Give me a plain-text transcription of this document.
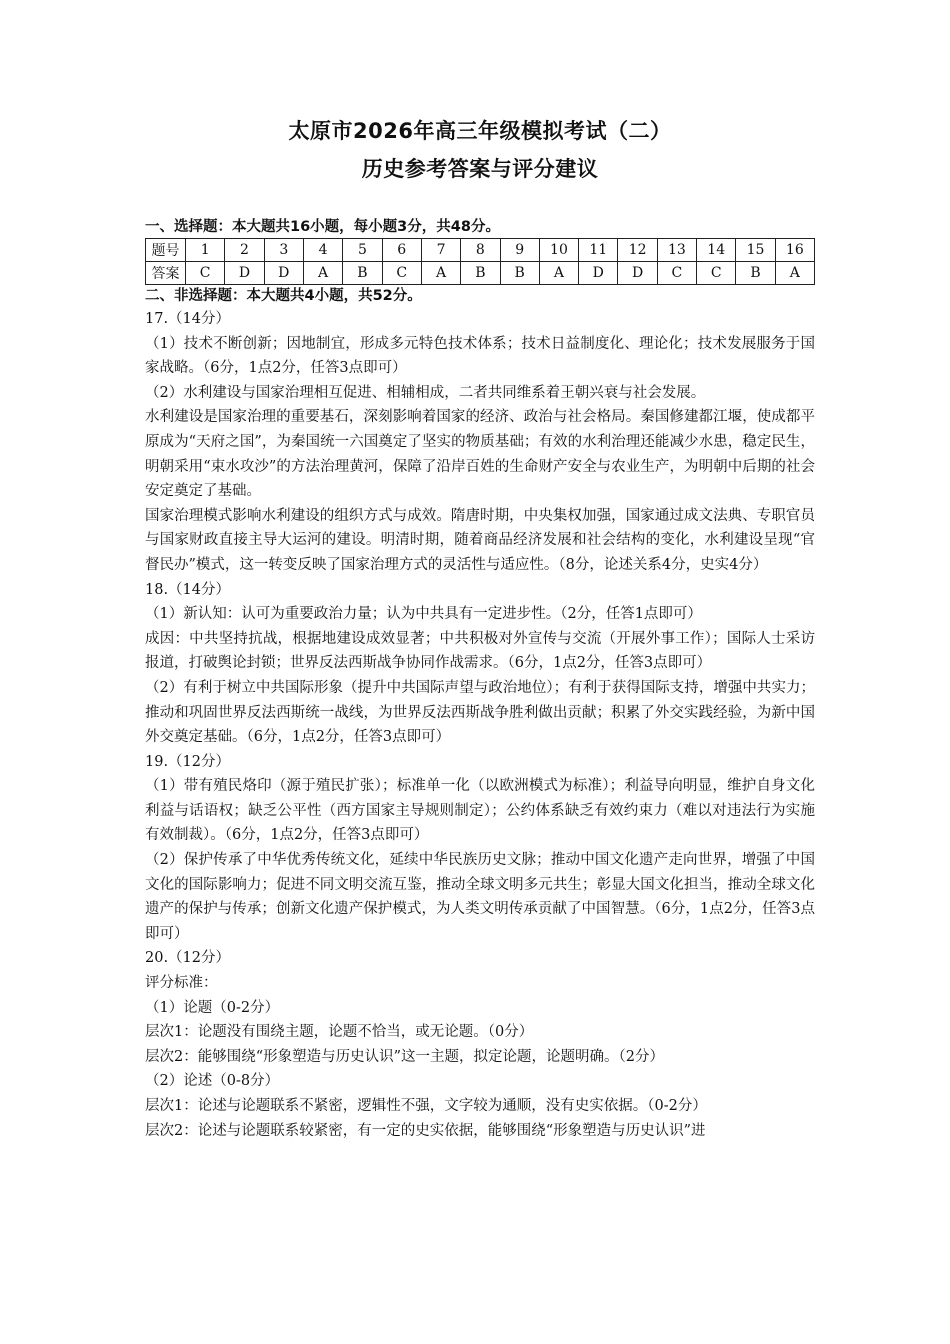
太原市2026年高三年级模拟考试（二）
历史参考答案与评分建议
一、选择题：本大题共16小题，每小题3分，共48分。
题号	1	2	3	4	5	6	7	8	9	10	11	12	13	14	15	16
答案	C	D	D	A	B	C	A	B	B	A	D	D	C	C	B	A
二、非选择题：本大题共4小题，共52分。

17.（14分）

（1）技术不断创新；因地制宜，形成多元特色技术体系；技术日益制度化、理论化；技术发展服务于国家战略。（6分，1点2分，任答3点即可）

（2）水利建设与国家治理相互促进、相辅相成，二者共同维系着王朝兴衰与社会发展。

水利建设是国家治理的重要基石，深刻影响着国家的经济、政治与社会格局。秦国修建都江堰，使成都平原成为“天府之国”，为秦国统一六国奠定了坚实的物质基础；有效的水利治理还能减少水患，稳定民生，明朝采用“束水攻沙”的方法治理黄河，保障了沿岸百姓的生命财产安全与农业生产，为明朝中后期的社会安定奠定了基础。

国家治理模式影响水利建设的组织方式与成效。隋唐时期，中央集权加强，国家通过成文法典、专职官员与国家财政直接主导大运河的建设。明清时期，随着商品经济发展和社会结构的变化，水利建设呈现“官督民办”模式，这一转变反映了国家治理方式的灵活性与适应性。（8分，论述关系4分，史实4分）

18.（14分）

（1）新认知：认可为重要政治力量；认为中共具有一定进步性。（2分，任答1点即可）

成因：中共坚持抗战，根据地建设成效显著；中共积极对外宣传与交流（开展外事工作）；国际人士采访报道，打破舆论封锁；世界反法西斯战争协同作战需求。（6分，1点2分，任答3点即可）

（2）有利于树立中共国际形象（提升中共国际声望与政治地位）；有利于获得国际支持，增强中共实力；推动和巩固世界反法西斯统一战线，为世界反法西斯战争胜利做出贡献；积累了外交实践经验，为新中国外交奠定基础。（6分，1点2分，任答3点即可）

19.（12分）

（1）带有殖民烙印（源于殖民扩张）；标准单一化（以欧洲模式为标准）；利益导向明显，维护自身文化利益与话语权；缺乏公平性（西方国家主导规则制定）；公约体系缺乏有效约束力（难以对违法行为实施有效制裁）。（6分，1点2分，任答3点即可）

（2）保护传承了中华优秀传统文化，延续中华民族历史文脉；推动中国文化遗产走向世界，增强了中国文化的国际影响力；促进不同文明交流互鉴，推动全球文明多元共生；彰显大国文化担当，推动全球文化遗产的保护与传承；创新文化遗产保护模式，为人类文明传承贡献了中国智慧。（6分，1点2分，任答3点即可）

20.（12分）

评分标准：

（1）论题（0-2分）

层次1：论题没有围绕主题，论题不恰当，或无论题。（0分）

层次2：能够围绕“形象塑造与历史认识”这一主题，拟定论题，论题明确。（2分）

（2）论述（0-8分）

层次1：论述与论题联系不紧密，逻辑性不强，文字较为通顺，没有史实依据。（0-2分）

层次2：论述与论题联系较紧密，有一定的史实依据，能够围绕“形象塑造与历史认识”进
